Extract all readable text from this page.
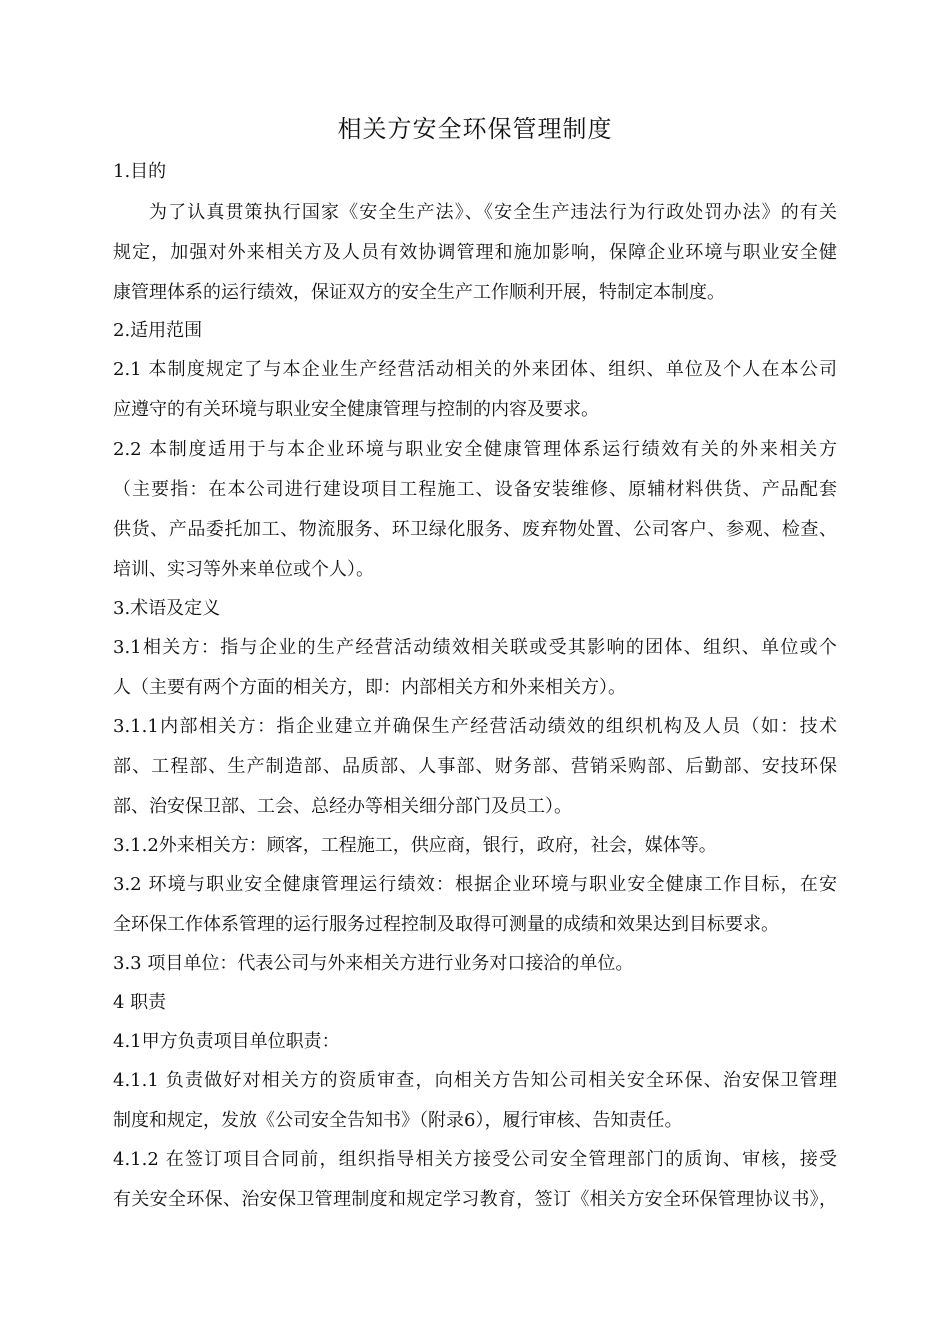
相关方安全环保管理制度
1.目的
为了认真贯策执行国家《安全生产法》、《安全生产违法行为行政处罚办法》的有关
规定，加强对外来相关方及人员有效协调管理和施加影响，保障企业环境与职业安全健
康管理体系的运行绩效，保证双方的安全生产工作顺利开展，特制定本制度。
2.适用范围
2.1 本制度规定了与本企业生产经营活动相关的外来团体、组织、单位及个人在本公司
应遵守的有关环境与职业安全健康管理与控制的内容及要求。
2.2 本制度适用于与本企业环境与职业安全健康管理体系运行绩效有关的外来相关方
（主要指：在本公司进行建设项目工程施工、设备安装维修、原辅材料供货、产品配套
供货、产品委托加工、物流服务、环卫绿化服务、废弃物处置、公司客户、参观、检查、
培训、实习等外来单位或个人）。
3.术语及定义
3.1相关方：指与企业的生产经营活动绩效相关联或受其影响的团体、组织、单位或个
人（主要有两个方面的相关方，即：内部相关方和外来相关方）。
3.1.1内部相关方：指企业建立并确保生产经营活动绩效的组织机构及人员（如：技术
部、工程部、生产制造部、品质部、人事部、财务部、营销采购部、后勤部、安技环保
部、治安保卫部、工会、总经办等相关细分部门及员工）。
3.1.2外来相关方：顾客，工程施工，供应商，银行，政府，社会，媒体等。
3.2 环境与职业安全健康管理运行绩效：根据企业环境与职业安全健康工作目标，在安
全环保工作体系管理的运行服务过程控制及取得可测量的成绩和效果达到目标要求。
3.3 项目单位：代表公司与外来相关方进行业务对口接洽的单位。
4 职责
4.1甲方负责项目单位职责：
4.1.1 负责做好对相关方的资质审查，向相关方告知公司相关安全环保、治安保卫管理
制度和规定，发放《公司安全告知书》（附录6），履行审核、告知责任。
4.1.2 在签订项目合同前，组织指导相关方接受公司安全管理部门的质询、审核，接受
有关安全环保、治安保卫管理制度和规定学习教育，签订《相关方安全环保管理协议书》，
